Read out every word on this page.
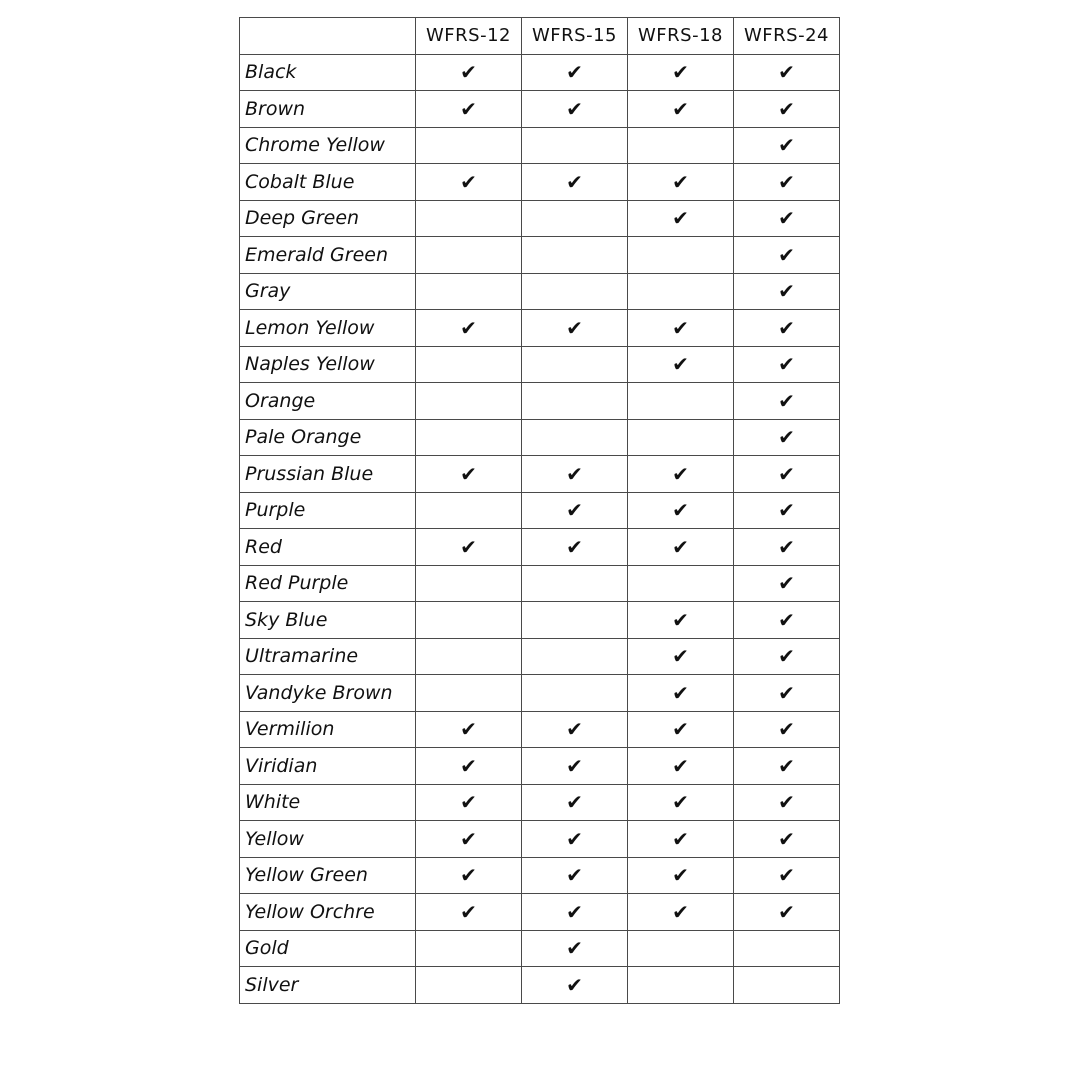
	WFRS-12	WFRS-15	WFRS-18	WFRS-24
Black	✔	✔	✔	✔
Brown	✔	✔	✔	✔
Chrome Yellow				✔
Cobalt Blue	✔	✔	✔	✔
Deep Green			✔	✔
Emerald Green				✔
Gray				✔
Lemon Yellow	✔	✔	✔	✔
Naples Yellow			✔	✔
Orange				✔
Pale Orange				✔
Prussian Blue	✔	✔	✔	✔
Purple		✔	✔	✔
Red	✔	✔	✔	✔
Red Purple				✔
Sky Blue			✔	✔
Ultramarine			✔	✔
Vandyke Brown			✔	✔
Vermilion	✔	✔	✔	✔
Viridian	✔	✔	✔	✔
White	✔	✔	✔	✔
Yellow	✔	✔	✔	✔
Yellow Green	✔	✔	✔	✔
Yellow Orchre	✔	✔	✔	✔
Gold		✔		
Silver		✔		
